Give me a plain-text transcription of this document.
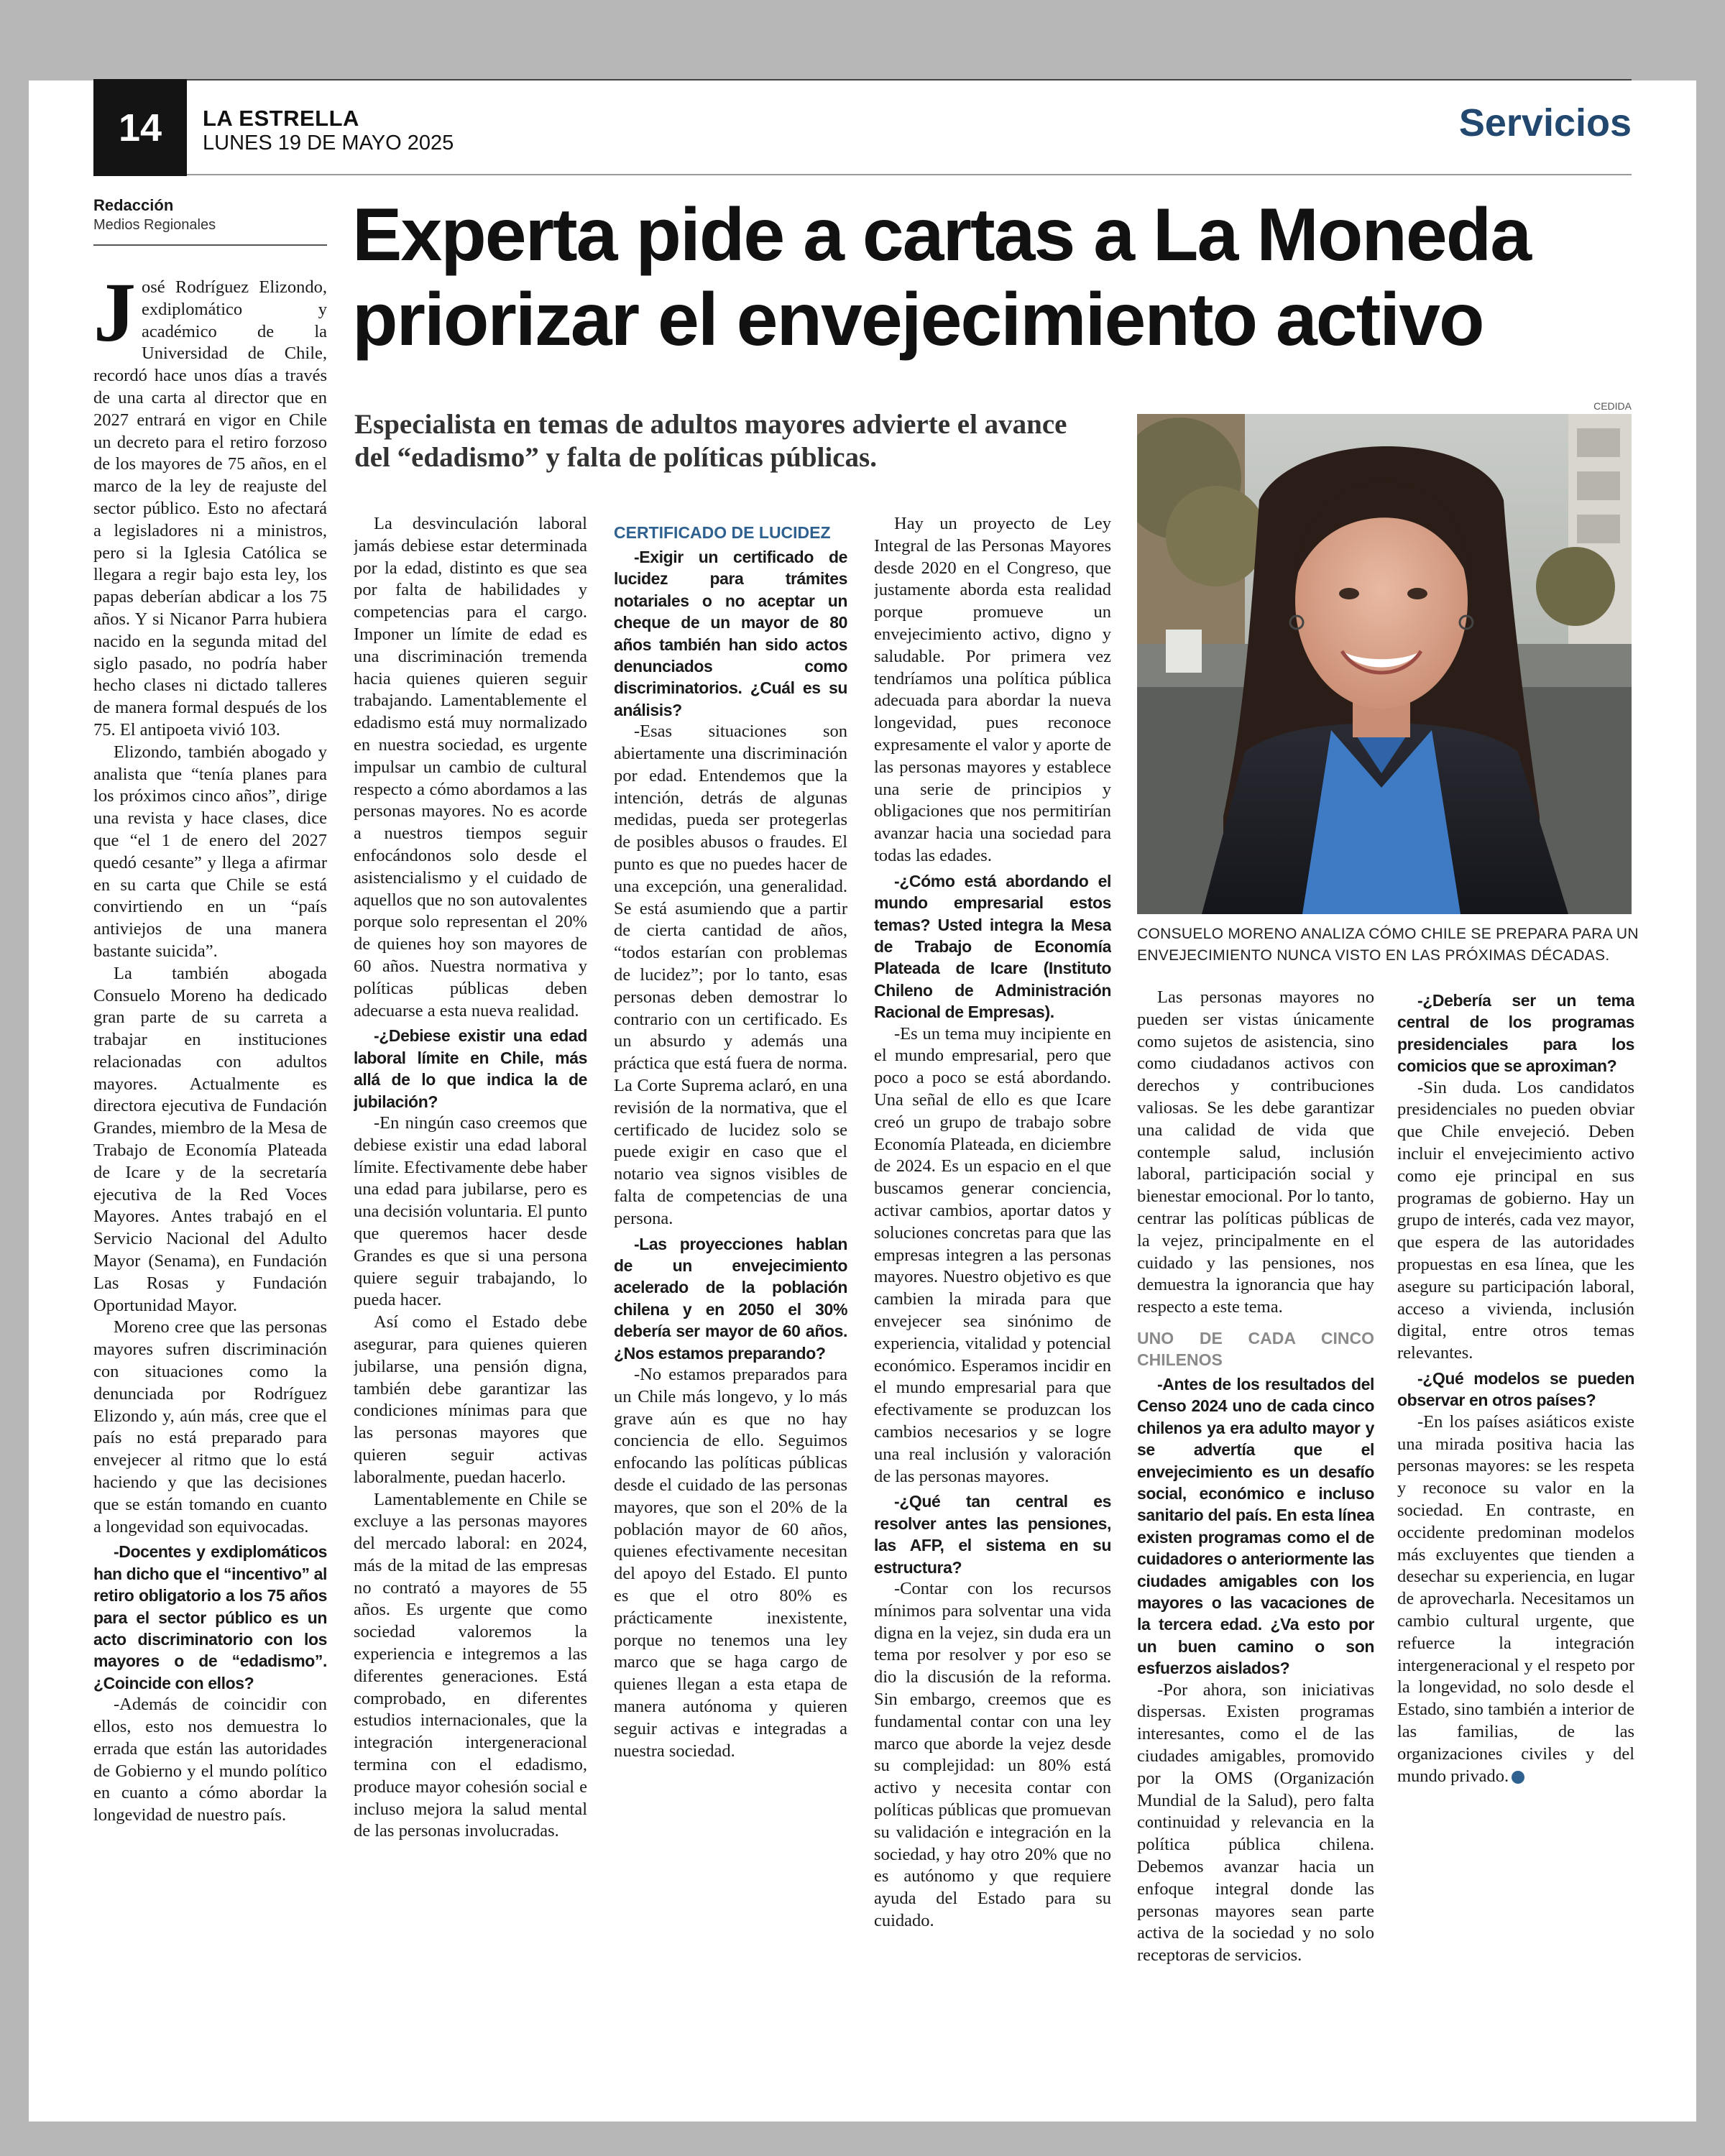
14	LA ESTRELLA
LUNES 19 DE MAYO 2025	Servicios
Redacción
Medios Regionales	Experta pide a cartas a La Moneda
priorizar el envejecimiento activo
Especialista en temas de adultos mayores advierte el avance del “edadismo” y falta de políticas públicas.
CEDIDA
CONSUELO MORENO ANALIZA CÓMO CHILE SE PREPARA PARA UN ENVEJECIMIENTO NUNCA VISTO EN LAS PRÓXIMAS DÉCADAS.

José Rodríguez Elizondo, exdiplomático y académico de la Universidad de Chile, recordó hace unos días a través de una carta al director que en 2027 entrará en vigor en Chile un decreto para el retiro forzoso de los mayores de 75 años, en el marco de la ley de reajuste del sector público. Esto no afectará a legisladores ni a ministros, pero si la Iglesia Católica se llegara a regir bajo esta ley, los papas deberían abdicar a los 75 años. Y si Nicanor Parra hubiera nacido en la segunda mitad del siglo pasado, no podría haber hecho clases ni dictado talleres de manera formal después de los 75. El antipoeta vivió 103.

Elizondo, también abogado y analista que “tenía planes para los próximos cinco años”, dirige una revista y hace clases, dice que “el 1 de enero del 2027 quedó cesante” y llega a afirmar en su carta que Chile se está convirtiendo en un “país antiviejos de una manera bastante suicida”.

La también abogada Consuelo Moreno ha dedicado gran parte de su carreta a trabajar en instituciones relacionadas con adultos mayores. Actualmente es directora ejecutiva de Fundación Grandes, miembro de la Mesa de Trabajo de Economía Plateada de Icare y de la secretaría ejecutiva de la Red Voces Mayores. Antes trabajó en el Servicio Nacional del Adulto Mayor (Senama), en Fundación Las Rosas y Fundación Oportunidad Mayor.

Moreno cree que las personas mayores sufren discriminación con situaciones como la denunciada por Rodríguez Elizondo y, aún más, cree que el país no está preparado para envejecer al ritmo que lo está haciendo y que las decisiones que se están tomando en cuanto a longevidad son equivocadas.

-Docentes y exdiplomáticos han dicho que el “incentivo” al retiro obligatorio a los 75 años para el sector público es un acto discriminatorio con los mayores o de “edadismo”. ¿Coincide con ellos?

-Además de coincidir con ellos, esto nos demuestra lo errada que están las autoridades de Gobierno y el mundo político en cuanto a cómo abordar la longevidad de nuestro país.

La desvinculación laboral jamás debiese estar determinada por la edad, distinto es que sea por falta de habilidades y competencias para el cargo. Imponer un límite de edad es una discriminación tremenda hacia quienes quieren seguir trabajando. Lamentablemente el edadismo está muy normalizado en nuestra sociedad, es urgente impulsar un cambio de cultural respecto a cómo abordamos a las personas mayores. No es acorde a nuestros tiempos seguir enfocándonos solo desde el asistencialismo y el cuidado de aquellos que no son autovalentes porque solo representan el 20% de quienes hoy son mayores de 60 años. Nuestra normativa y políticas públicas deben adecuarse a esta nueva realidad.

-¿Debiese existir una edad laboral límite en Chile, más allá de lo que indica la de jubilación?

-En ningún caso creemos que debiese existir una edad laboral límite. Efectivamente debe haber una edad para jubilarse, pero es una decisión voluntaria. El punto que queremos hacer desde Grandes es que si una persona quiere seguir trabajando, lo pueda hacer.

Así como el Estado debe asegurar, para quienes quieren jubilarse, una pensión digna, también debe garantizar las condiciones mínimas para que las personas mayores que quieren seguir activas laboralmente, puedan hacerlo.

Lamentablemente en Chile se excluye a las personas mayores del mercado laboral: en 2024, más de la mitad de las empresas no contrató a mayores de 55 años. Es urgente que como sociedad valoremos la experiencia e integremos a las diferentes generaciones. Está comprobado, en diferentes estudios internacionales, que la integración intergeneracional termina con el edadismo, produce mayor cohesión social e incluso mejora la salud mental de las personas involucradas.

CERTIFICADO DE LUCIDEZ

-Exigir un certificado de lucidez para trámites notariales o no aceptar un cheque de un mayor de 80 años también han sido actos denunciados como discriminatorios. ¿Cuál es su análisis?

-Esas situaciones son abiertamente una discriminación por edad. Entendemos que la intención, detrás de algunas medidas, pueda ser protegerlas de posibles abusos o fraudes. El punto es que no puedes hacer de una excepción, una generalidad. Se está asumiendo que a partir de cierta cantidad de años, “todos estarían con problemas de lucidez”; por lo tanto, esas personas deben demostrar lo contrario con un certificado. Es un absurdo y además una práctica que está fuera de norma. La Corte Suprema aclaró, en una revisión de la normativa, que el certificado de lucidez solo se puede exigir en caso que el notario vea signos visibles de falta de competencias de una persona.

-Las proyecciones hablan de un envejecimiento acelerado de la población chilena y en 2050 el 30% debería ser mayor de 60 años. ¿Nos estamos preparando?

-No estamos preparados para un Chile más longevo, y lo más grave aún es que no hay conciencia de ello. Seguimos enfocando las políticas públicas desde el cuidado de las personas mayores, que son el 20% de la población mayor de 60 años, quienes efectivamente necesitan del apoyo del Estado. El punto es que el otro 80% es prácticamente inexistente, porque no tenemos una ley marco que se haga cargo de quienes llegan a esta etapa de manera autónoma y quieren seguir activas e integradas a nuestra sociedad.

Hay un proyecto de Ley Integral de las Personas Mayores desde 2020 en el Congreso, que justamente aborda esta realidad porque promueve un envejecimiento activo, digno y saludable. Por primera vez tendríamos una política pública adecuada para abordar la nueva longevidad, pues reconoce expresamente el valor y aporte de las personas mayores y establece una serie de principios y obligaciones que nos permitirían avanzar hacia una sociedad para todas las edades.

-¿Cómo está abordando el mundo empresarial estos temas? Usted integra la Mesa de Trabajo de Economía Plateada de Icare (Instituto Chileno de Administración Racional de Empresas).

-Es un tema muy incipiente en el mundo empresarial, pero que poco a poco se está abordando. Una señal de ello es que Icare creó un grupo de trabajo sobre Economía Plateada, en diciembre de 2024. Es un espacio en el que buscamos generar conciencia, activar cambios, aportar datos y soluciones concretas para que las empresas integren a las personas mayores. Nuestro objetivo es que cambien la mirada para que envejecer sea sinónimo de experiencia, vitalidad y potencial económico. Esperamos incidir en el mundo empresarial para que efectivamente se produzcan los cambios necesarios y se logre una real inclusión y valoración de las personas mayores.

-¿Qué tan central es resolver antes las pensiones, las AFP, el sistema en su estructura?

-Contar con los recursos mínimos para solventar una vida digna en la vejez, sin duda era un tema por resolver y por eso se dio la discusión de la reforma. Sin embargo, creemos que es fundamental contar con una ley marco que aborde la vejez desde su complejidad: un 80% está activo y necesita contar con políticas públicas que promuevan su validación e integración en la sociedad, y hay otro 20% que no es autónomo y que requiere ayuda del Estado para su cuidado.

Las personas mayores no pueden ser vistas únicamente como sujetos de asistencia, sino como ciudadanos activos con derechos y contribuciones valiosas. Se les debe garantizar una calidad de vida que contemple salud, inclusión laboral, participación social y bienestar emocional. Por lo tanto, centrar las políticas públicas de la vejez, principalmente en el cuidado y las pensiones, nos demuestra la ignorancia que hay respecto a este tema.

UNO DE CADA CINCO CHILENOS

-Antes de los resultados del Censo 2024 uno de cada cinco chilenos ya era adulto mayor y se advertía que el envejecimiento es un desafío social, económico e incluso sanitario del país. En esta línea existen programas como el de cuidadores o anteriormente las ciudades amigables con los mayores o las vacaciones de la tercera edad. ¿Va esto por un buen camino o son esfuerzos aislados?

-Por ahora, son iniciativas dispersas. Existen programas interesantes, como el de las ciudades amigables, promovido por la OMS (Organización Mundial de la Salud), pero falta continuidad y relevancia en la política pública chilena. Debemos avanzar hacia un enfoque integral donde las personas mayores sean parte activa de la sociedad y no solo receptoras de servicios.

-¿Debería ser un tema central de los programas presidenciales para los comicios que se aproximan?

-Sin duda. Los candidatos presidenciales no pueden obviar que Chile envejeció. Deben incluir el envejecimiento activo como eje principal en sus programas de gobierno. Hay un grupo de interés, cada vez mayor, que espera de las autoridades propuestas en esa línea, que les asegure su participación laboral, acceso a vivienda, inclusión digital, entre otros temas relevantes.

-¿Qué modelos se pueden observar en otros países?

-En los países asiáticos existe una mirada positiva hacia las personas mayores: se les respeta y reconoce su valor en la sociedad. En contraste, en occidente predominan modelos más excluyentes que tienden a desechar su experiencia, en lugar de aprovecharla. Necesitamos un cambio cultural urgente, que refuerce la integración intergeneracional y el respeto por la longevidad, no solo desde el Estado, sino también a interior de las familias, de las organizaciones civiles y del mundo privado. ✪
